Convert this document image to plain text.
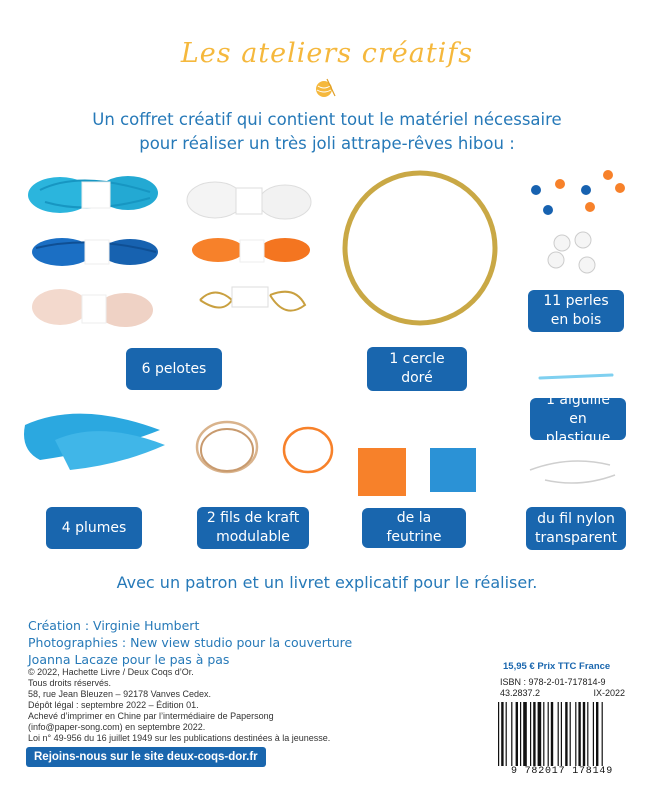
Les ateliers créatifs
Un coffret créatif qui contient tout le matériel nécessaire
pour réaliser un très joli attrape-rêves hibou :
6 pelotes
1 cercle
doré
11 perles
en bois
1 aiguille
en plastique
4 plumes
2 fils de kraft
modulable
de la feutrine
du fil nylon
transparent
Avec un patron et un livret explicatif pour le réaliser.
Création : Virginie Humbert
Photographies : New view studio pour la couverture
Joanna Lacaze pour le pas à pas
© 2022, Hachette Livre / Deux Coqs d’Or.
Tous droits réservés.
58, rue Jean Bleuzen – 92178 Vanves Cedex.
Dépôt légal : septembre 2022 – Édition 01.
Achevé d’imprimer en Chine par l’intermédiaire de Papersong
(info@paper-song.com) en septembre 2022.
Loi n° 49-956 du 16 juillet 1949 sur les publications destinées à la jeunesse.
Rejoins-nous sur le site deux-coqs-dor.fr
15,95 € Prix TTC France
ISBN : 978-2-01-717814-9
43.2837.2	IX-2022
9 782017 178149
